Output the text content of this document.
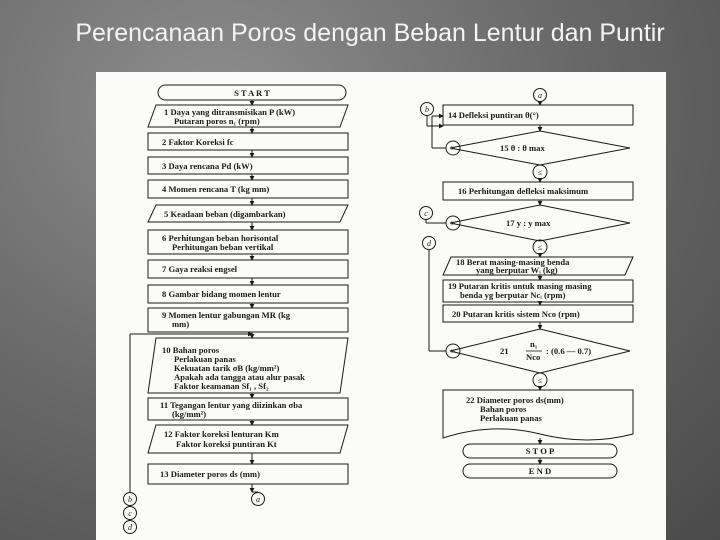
Perencanaan Poros dengan Beban Lentur dan Puntir
S T A R T
1 Daya yang ditransmisikan P (kW)
Putaran poros n₁ (rpm)
2 Faktor Koreksi fc
3 Daya rencana Pd (kW)
4 Momen rencana T (kg mm)
5 Keadaan beban (digambarkan)
6 Perhitungan beban horisontal
Perhitungan beban vertikal
7 Gaya reaksi engsel
8 Gambar bidang momen lentur
9 Momen lentur gabungan MR (kg
mm)
10 Bahan poros
Perlakuan panas
Kekuatan tarik σB (kg/mm²)
Apakah ada tangga atau alur pasak
Faktor keamanan Sf₁ , Sf₂
11 Tegangan lentur yang diizinkan σba
(kg/mm²)
12 Faktor koreksi lenturan Km
Faktor koreksi puntiran Kt
13 Diameter poros ds (mm)
b
c
d
a
a
b
c
d
14 Defleksi puntiran θ(°)
15 θ : θ max
>
≤
16 Perhitungan defleksi maksimum
17 y : y max
>
≤
18 Berat masing-masing benda
yang berputar Wᵢ (kg)
19 Putaran kritis untuk masing masing
benda yg berputar Ncᵢ (rpm)
20 Putaran kritis sistem Nco (rpm)
21
n₁
Nco
: (0.6 — 0.7)
>
≤
22 Diameter poros ds(mm)
Bahan poros
Perlakuan panas
S T O P
E N D
